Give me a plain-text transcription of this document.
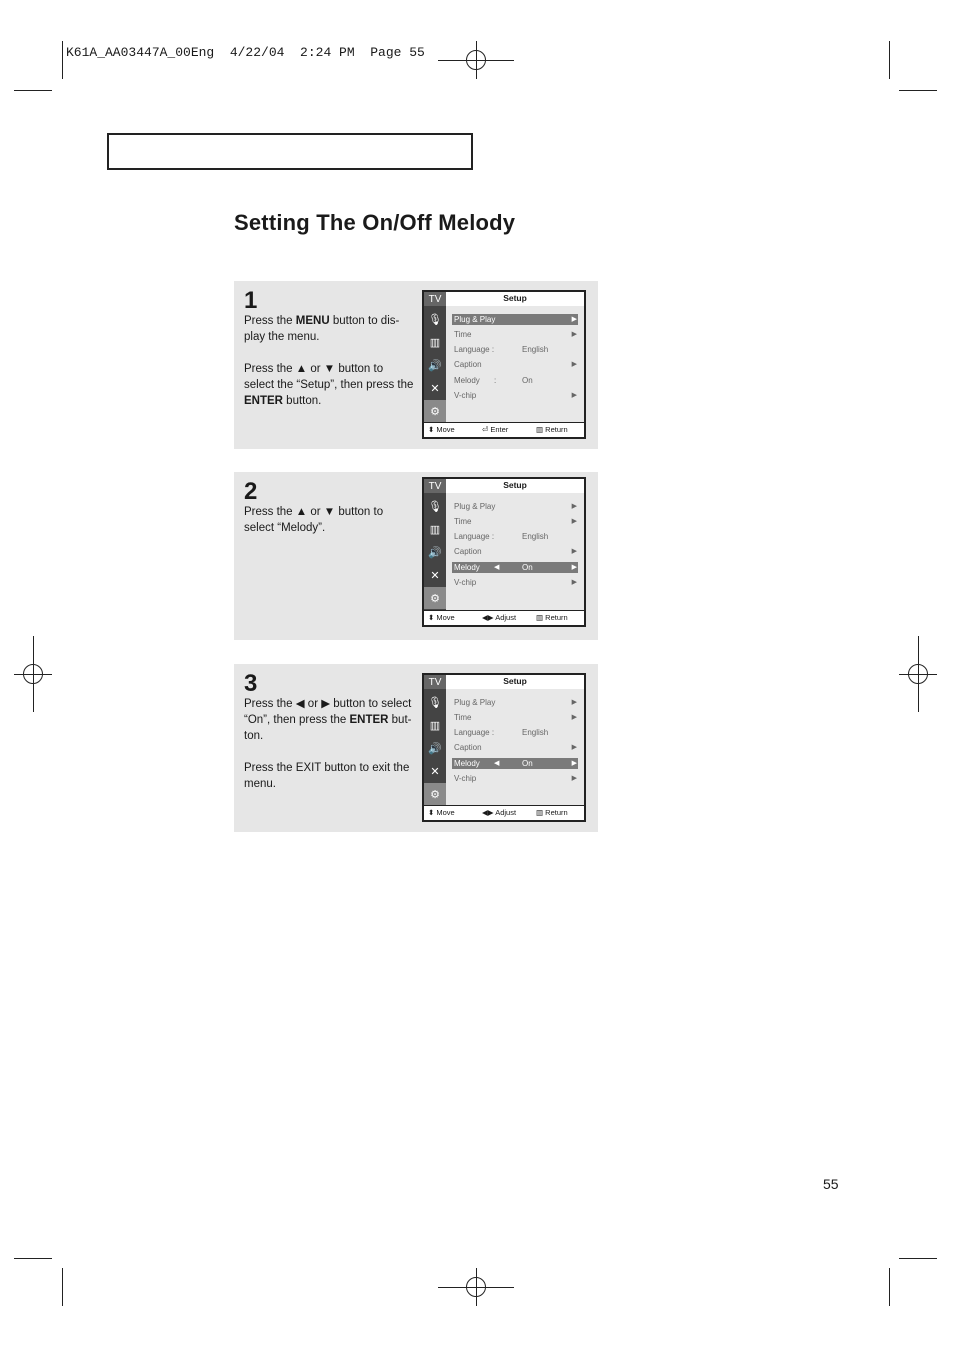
K61A_AA03447A_00Eng  4/22/04  2:24 PM  Page 55
Setting The On/Off Melody
1

Press the MENU button to dis-play the menu.

Press the ▲ or ▼ button to select the “Setup”, then press the ENTER button.

TV
🎙
▥
🔊
✕
⚙
Setup
Plug & Play	▶
Time	▶
Language :	English
Caption	▶
Melody :	On
V-chip	▶
⬍ Move	⏎ Enter	▥ Return
2

Press the ▲ or ▼ button to select “Melody”.

TV
🎙
▥
🔊
✕
⚙
Setup
Plug & Play	▶
Time	▶
Language :	English
Caption	▶
Melody ◀	On	▶
V-chip	▶
⬍ Move	◀▶ Adjust	▥ Return
3

Press the ◀ or ▶ button to select “On”, then press the ENTER but-ton.

Press the EXIT button to exit the menu.

TV
🎙
▥
🔊
✕
⚙
Setup
Plug & Play	▶
Time	▶
Language :	English
Caption	▶
Melody ◀	On	▶
V-chip	▶
⬍ Move	◀▶ Adjust	▥ Return
55
